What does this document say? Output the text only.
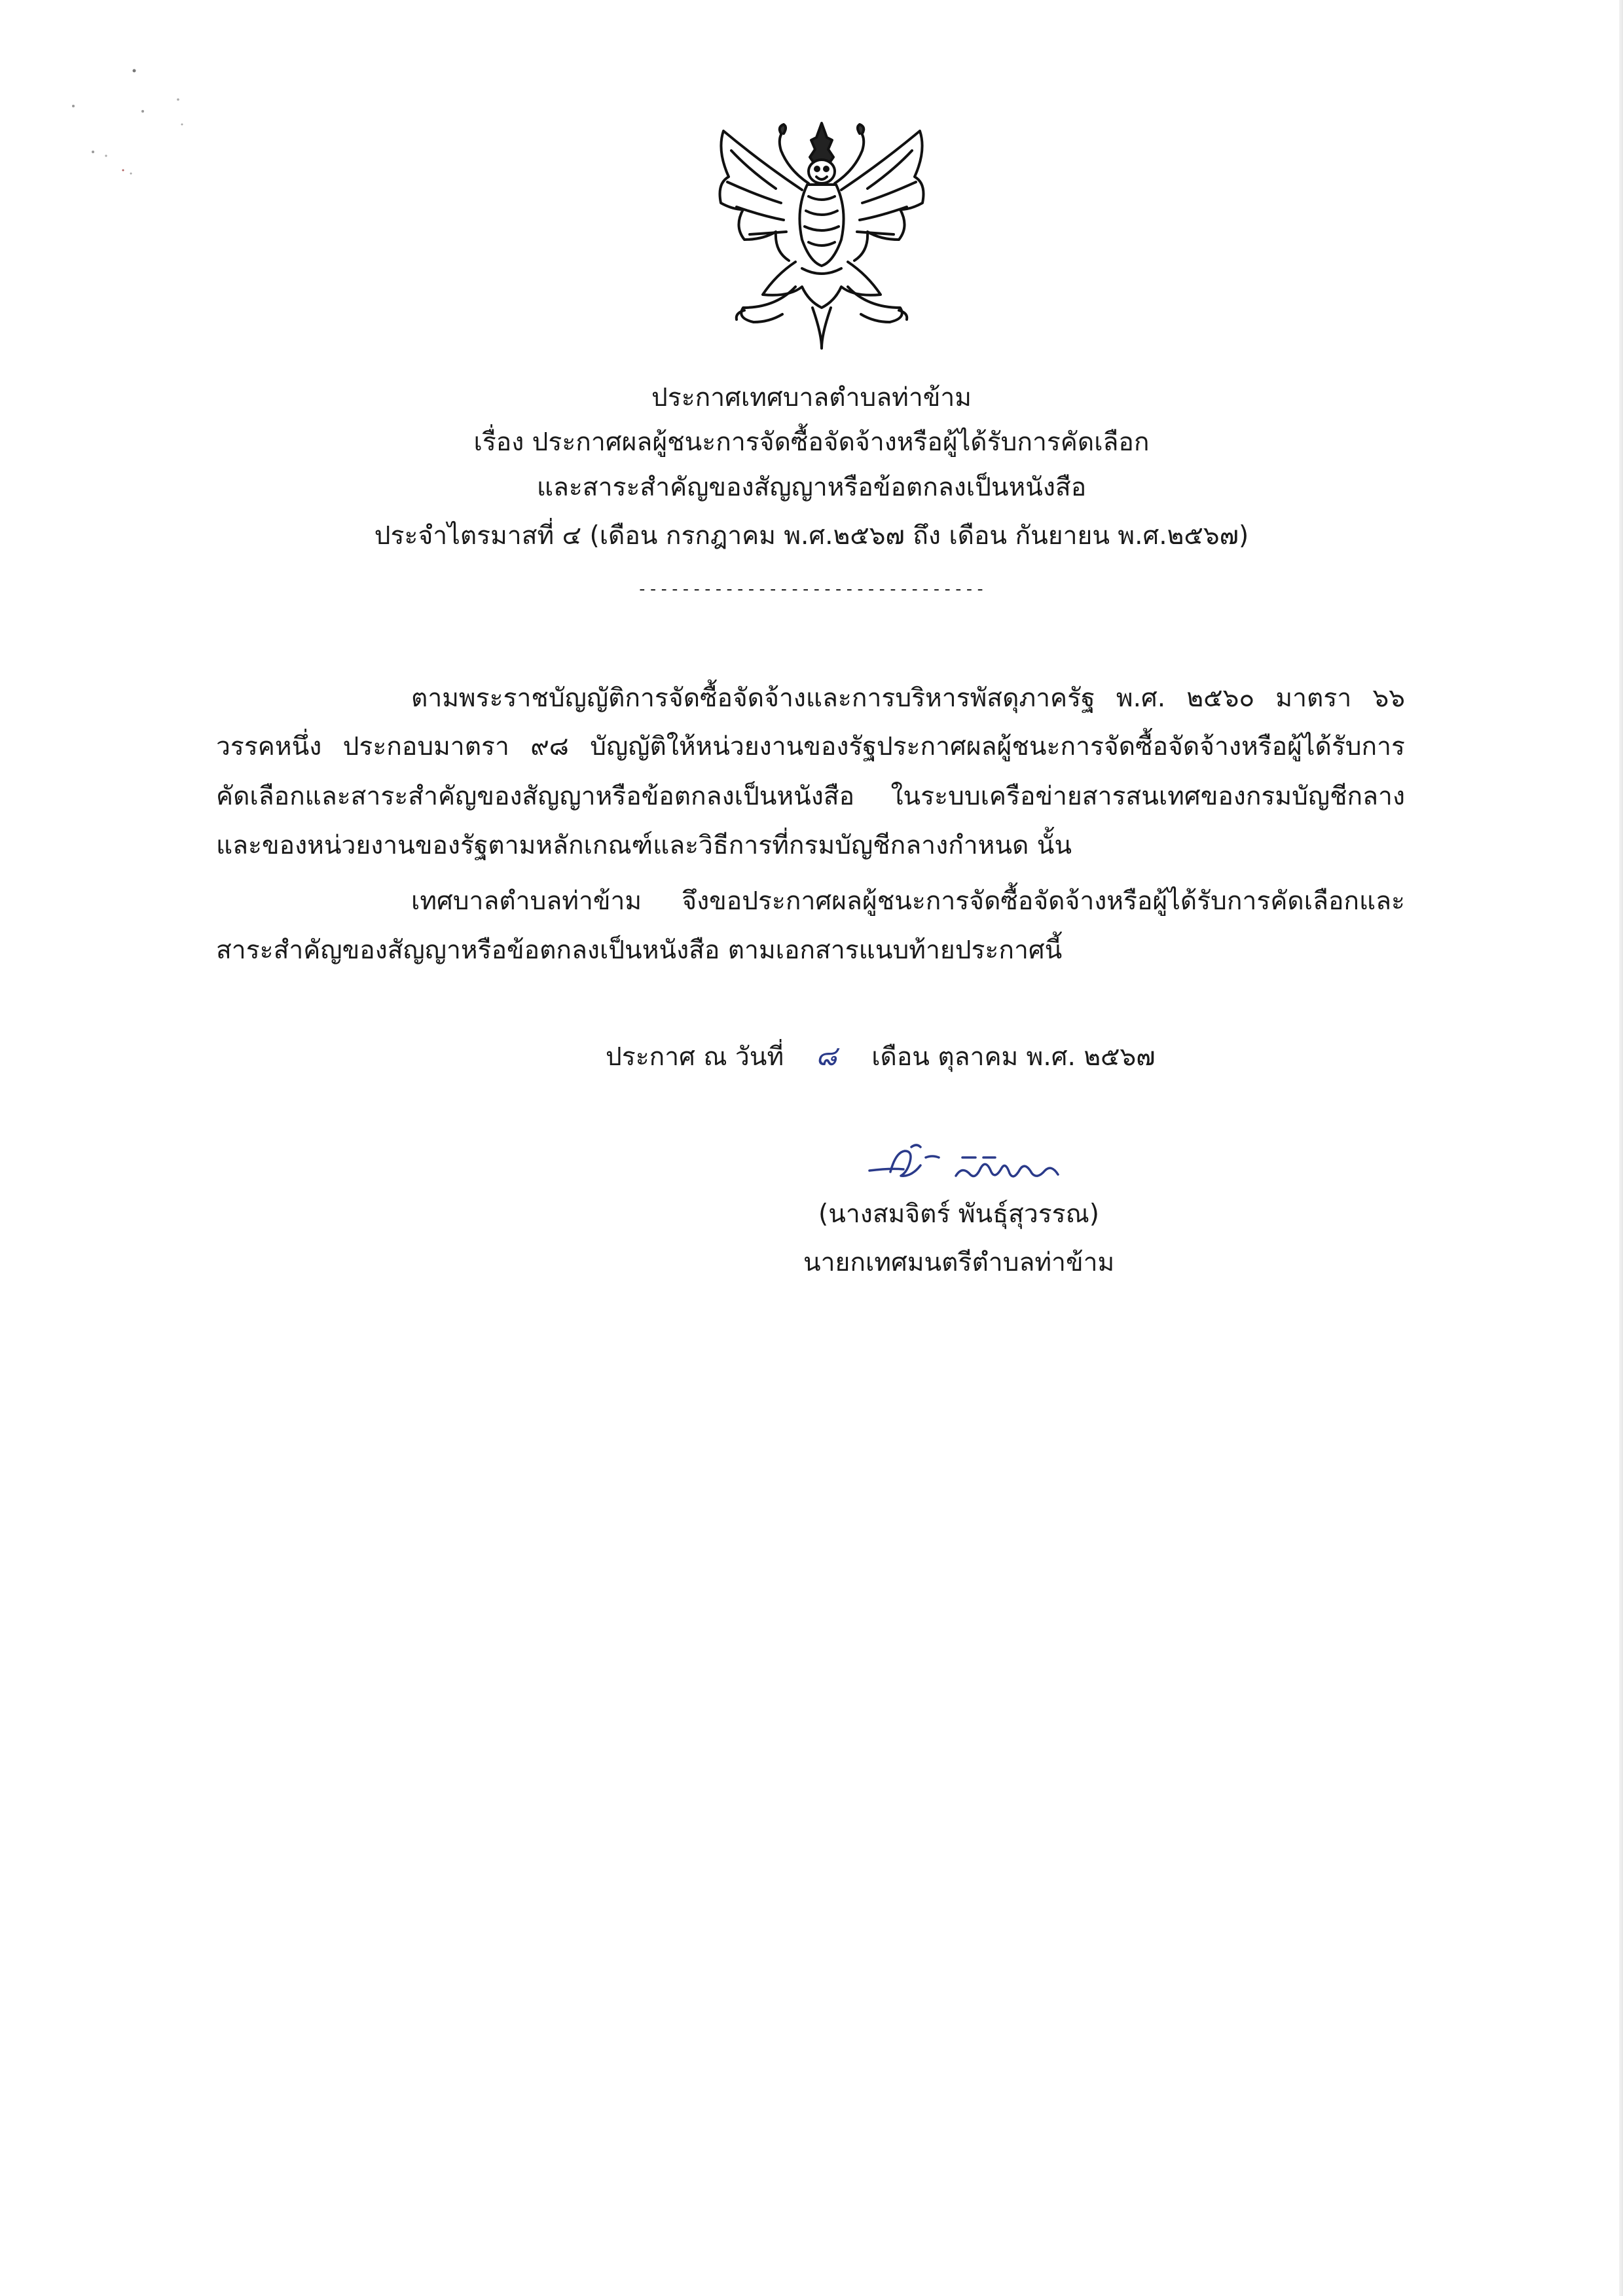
ประกาศเทศบาลตำบลท่าข้าม
เรื่อง ประกาศผลผู้ชนะการจัดซื้อจัดจ้างหรือผู้ได้รับการคัดเลือก
และสาระสำคัญของสัญญาหรือข้อตกลงเป็นหนังสือ
ประจำไตรมาสที่ ๔ (เดือน กรกฎาคม พ.ศ.๒๕๖๗ ถึง เดือน กันยายน พ.ศ.๒๕๖๗)
--------------------------------
ตามพระราชบัญญัติการจัดซื้อจัดจ้างและการบริหารพัสดุภาครัฐ พ.ศ. ๒๕๖๐ มาตรา ๖๖
วรรคหนึ่ง ประกอบมาตรา ๙๘ บัญญัติให้หน่วยงานของรัฐประกาศผลผู้ชนะการจัดซื้อจัดจ้างหรือผู้ได้รับการ
คัดเลือกและสาระสำคัญของสัญญาหรือข้อตกลงเป็นหนังสือ ในระบบเครือข่ายสารสนเทศของกรมบัญชีกลาง
และของหน่วยงานของรัฐตามหลักเกณฑ์และวิธีการที่กรมบัญชีกลางกำหนด นั้น
เทศบาลตำบลท่าข้าม จึงขอประกาศผลผู้ชนะการจัดซื้อจัดจ้างหรือผู้ได้รับการคัดเลือกและ
สาระสำคัญของสัญญาหรือข้อตกลงเป็นหนังสือ ตามเอกสารแนบท้ายประกาศนี้
ประกาศ ณ วันที่ ๘ เดือน ตุลาคม พ.ศ. ๒๕๖๗
(นางสมจิตร์ พันธุ์สุวรรณ)
นายกเทศมนตรีตำบลท่าข้าม
